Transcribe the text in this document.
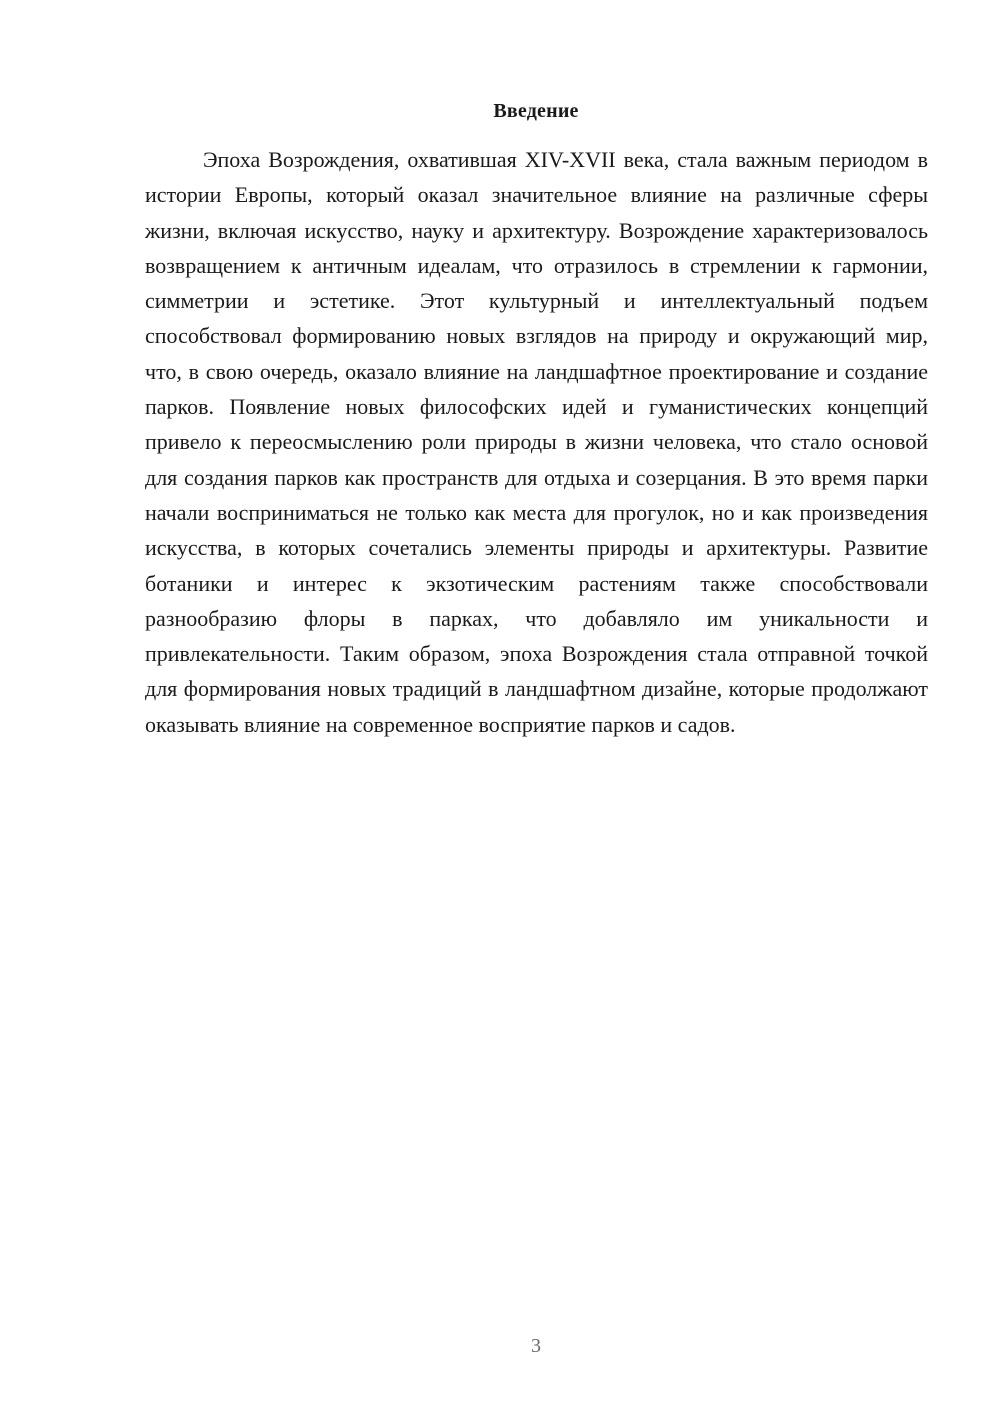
Введение

Эпоха Возрождения, охватившая XIV-XVII века, стала важным периодом в истории Европы, который оказал значительное влияние на различные сферы жизни, включая искусство, науку и архитектуру. Возрождение характеризовалось возвращением к античным идеалам, что отразилось в стремлении к гармонии, симметрии и эстетике. Этот культурный и интеллектуальный подъем способствовал формированию новых взглядов на природу и окружающий мир, что, в свою очередь, оказало влияние на ландшафтное проектирование и создание парков. Появление новых философских идей и гуманистических концепций привело к переосмыслению роли природы в жизни человека, что стало основой для создания парков как пространств для отдыха и созерцания. В это время парки начали восприниматься не только как места для прогулок, но и как произведения искусства, в которых сочетались элементы природы и архитектуры. Развитие ботаники и интерес к экзотическим растениям также способствовали разнообразию флоры в парках, что добавляло им уникальности и привлекательности. Таким образом, эпоха Возрождения стала отправной точкой для формирования новых традиций в ландшафтном дизайне, которые продолжают оказывать влияние на современное восприятие парков и садов.

3
